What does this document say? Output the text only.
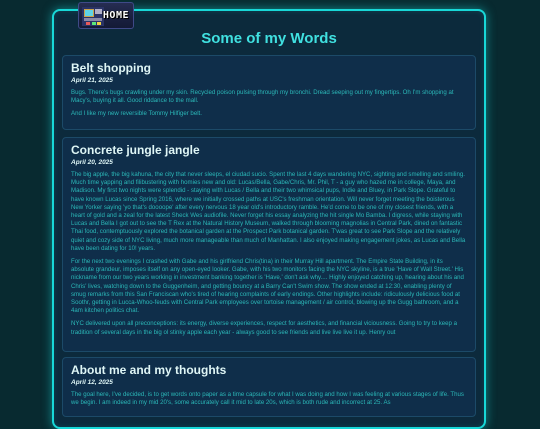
HOME
Some of my Words
Belt shopping
April 21, 2025

Bugs. There's bugs crawling under my skin. Recycled poison pulsing through my bronchi. Dread seeping out my fingertips. Oh I'm shopping at Macy's, buying it all. Good riddance to the mall.

And I like my new reversible Tommy Hilfiger belt.

Concrete jungle jangle
April 20, 2025

The big apple, the big kahuna, the city that never sleeps, el ciudad sucio. Spent the last 4 days wandering NYC, sighting and smelling and smiling. Much time yapping and filibustering with homies new and old: Lucas/Bella, Gabe/Chris, Mr. Phil, T - a guy who hazed me in college, Maya, and Madison. My first two nights were splendid - staying with Lucas / Bella and their two whimsical pups, Indie and Bluey, in Park Slope. Grateful to have known Lucas since Spring 2016, where we initially crossed paths at USC's freshman orientation. Will never forget meeting the boisterous New Yorker saying 'yo that's doooope' after every nervous 18 year old's introductory ramble. He'd come to be one of my closest friends, with a heart of gold and a zeal for the latest Sheck Wes audiofile. Never forget his essay analyzing the hit single Mo Bamba. I digress, while staying with Lucas and Bella I got out to see the T Rex at the Natural History Museum, walked through blooming magnolias in Central Park, dined on fantastic Thai food, contemptuously explored the botanical garden at the Prospect Park botanical garden. T'was great to see Park Slope and the relatively quiet and cozy side of NYC living, much more manageable than much of Manhattan. I also enjoyed making engagement jokes, as Lucas and Bella have been dating for 10! years.

For the next two evenings I crashed with Gabe and his girlfriend Chris(tina) in their Murray Hill apartment. The Empire State Building, in its absolute grandeur, imposes itself on any open-eyed looker. Gabe, with his two monitors facing the NYC skyline, is a true 'Have of Wall Street.' His nickname from our two years working in investment banking together is 'Have,' don't ask why.... Highly enjoyed catching up, hearing about his and Chris' lives, watching down to the Guggenheim, and getting bouncy at a Barry Can't Swim show. The show ended at 12:30, enabling plenty of smug remarks from this San Franciscan who's tired of hearing complaints of early endings. Other highlights include: ridiculously delicious food at Soothr, getting in Lucca-Whoo-feuds with Central Park employees over tortoise management / air control, blowing up the Gugg bathroom, and a 4am kitchen politics chat.

NYC delivered upon all preconceptions: its energy, diverse experiences, respect for aesthetics, and financial viciousness. Going to try to keep a tradition of several days in the big ol stinky apple each year - always good to see friends and live live live it up. Henry out

About me and my thoughts
April 12, 2025

The goal here, I've decided, is to get words onto paper as a time capsule for what I was doing and how I was feeling at various stages of life. Thus we begin. I am indeed in my mid 20's, some accurately call it mid to late 20s, which is both rude and incorrect at 25. As
